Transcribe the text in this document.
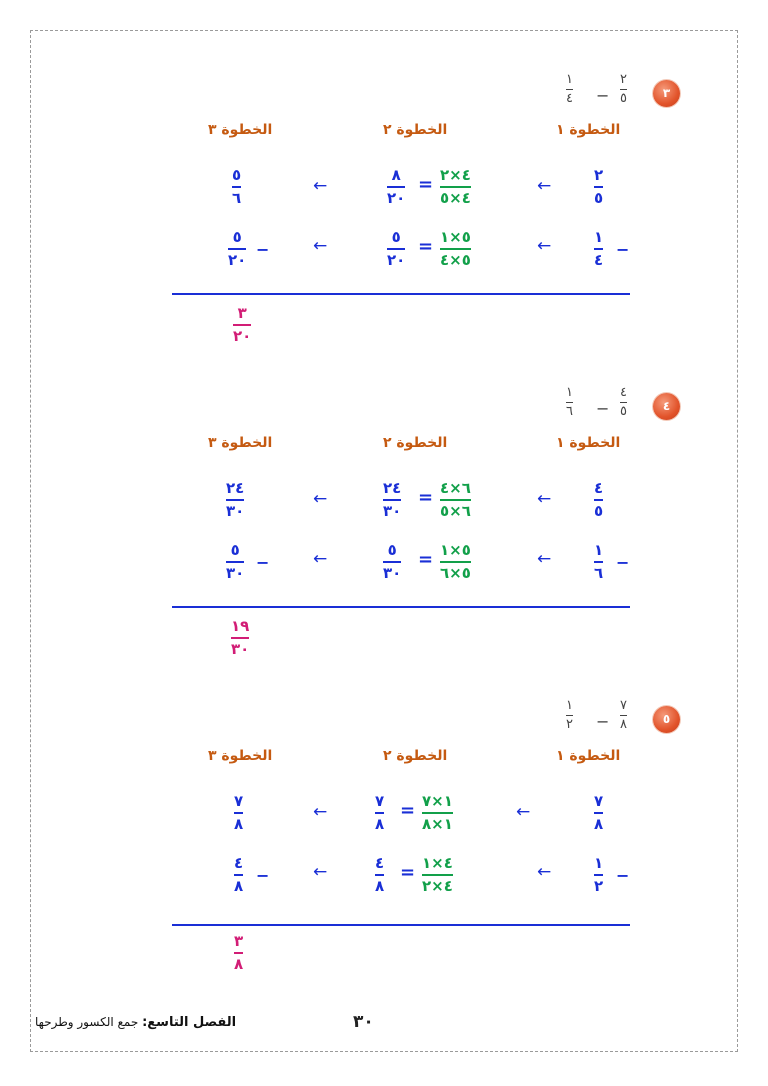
٣
١
٤ −
٢
٥
الخطوة ١
الخطوة ٢
الخطوة ٣
٢
٥
←
٤×٢
٤×٥
=
٨
٢٠
←
٥
٦
−
١
٤
←
٥×١
٥×٤
=
٥
٢٠
←
−
٥
٢٠
٣
٢٠
٤
١
٦ −
٤
٥
الخطوة ١
الخطوة ٢
الخطوة ٣
٤
٥
←
٦×٤
٦×٥
=
٢٤
٣٠
←
٢٤
٣٠
−
١
٦
←
٥×١
٥×٦
=
٥
٣٠
←
−
٥
٣٠
١٩
٣٠
٥
١
٢ −
٧
٨
الخطوة ١
الخطوة ٢
الخطوة ٣
٧
٨
←
١×٧
١×٨
=
٧
٨
←
٧
٨
−
١
٢
←
٤×١
٤×٢
=
٤
٨
←
−
٤
٨
٣
٨
٣٠
الفصل التاسع: جمع الكسور وطرحها
